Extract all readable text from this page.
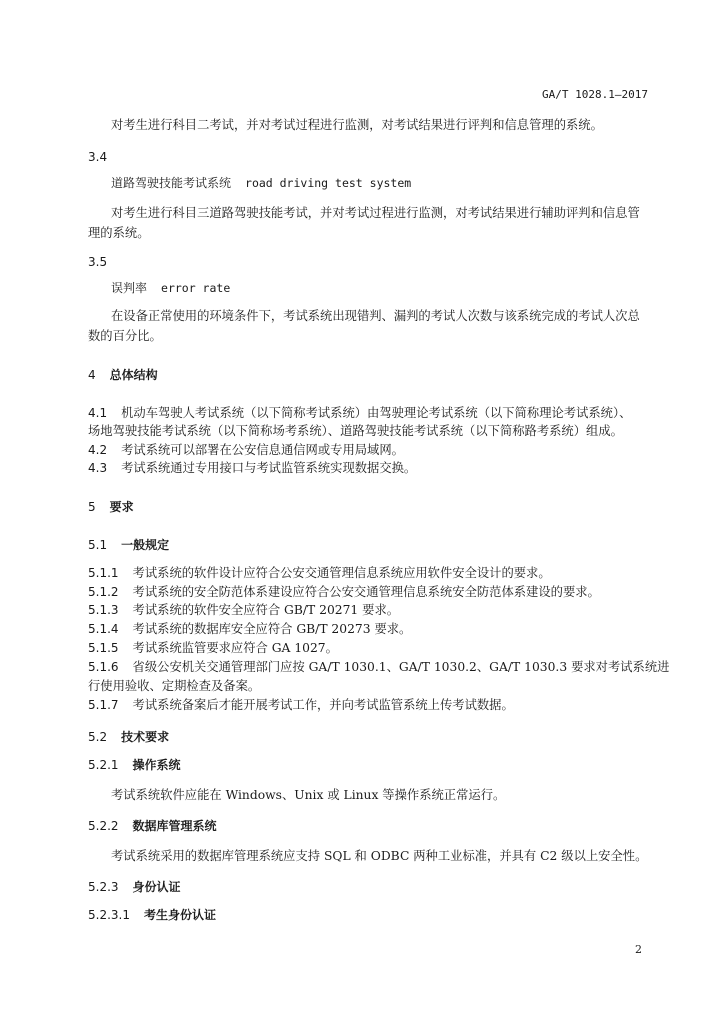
GA/T 1028.1—2017
对考生进行科目二考试，并对考试过程进行监测，对考试结果进行评判和信息管理的系统。
3.4
道路驾驶技能考试系统 road driving test system
对考生进行科目三道路驾驶技能考试，并对考试过程进行监测，对考试结果进行辅助评判和信息管
理的系统。
3.5
误判率 error rate
在设备正常使用的环境条件下，考试系统出现错判、漏判的考试人次数与该系统完成的考试人次总
数的百分比。
4 总体结构
4.1 机动车驾驶人考试系统（以下简称考试系统）由驾驶理论考试系统（以下简称理论考试系统）、
场地驾驶技能考试系统（以下简称场考系统）、道路驾驶技能考试系统（以下简称路考系统）组成。
4.2 考试系统可以部署在公安信息通信网或专用局域网。
4.3 考试系统通过专用接口与考试监管系统实现数据交换。
5 要求
5.1 一般规定
5.1.1 考试系统的软件设计应符合公安交通管理信息系统应用软件安全设计的要求。
5.1.2 考试系统的安全防范体系建设应符合公安交通管理信息系统安全防范体系建设的要求。
5.1.3 考试系统的软件安全应符合 GB/T 20271 要求。
5.1.4 考试系统的数据库安全应符合 GB/T 20273 要求。
5.1.5 考试系统监管要求应符合 GA 1027。
5.1.6 省级公安机关交通管理部门应按 GA/T 1030.1、GA/T 1030.2、GA/T 1030.3 要求对考试系统进
行使用验收、定期检查及备案。
5.1.7 考试系统备案后才能开展考试工作，并向考试监管系统上传考试数据。
5.2 技术要求
5.2.1 操作系统
考试系统软件应能在 Windows、Unix 或 Linux 等操作系统正常运行。
5.2.2 数据库管理系统
考试系统采用的数据库管理系统应支持 SQL 和 ODBC 两种工业标准，并具有 C2 级以上安全性。
5.2.3 身份认证
5.2.3.1 考生身份认证
2
